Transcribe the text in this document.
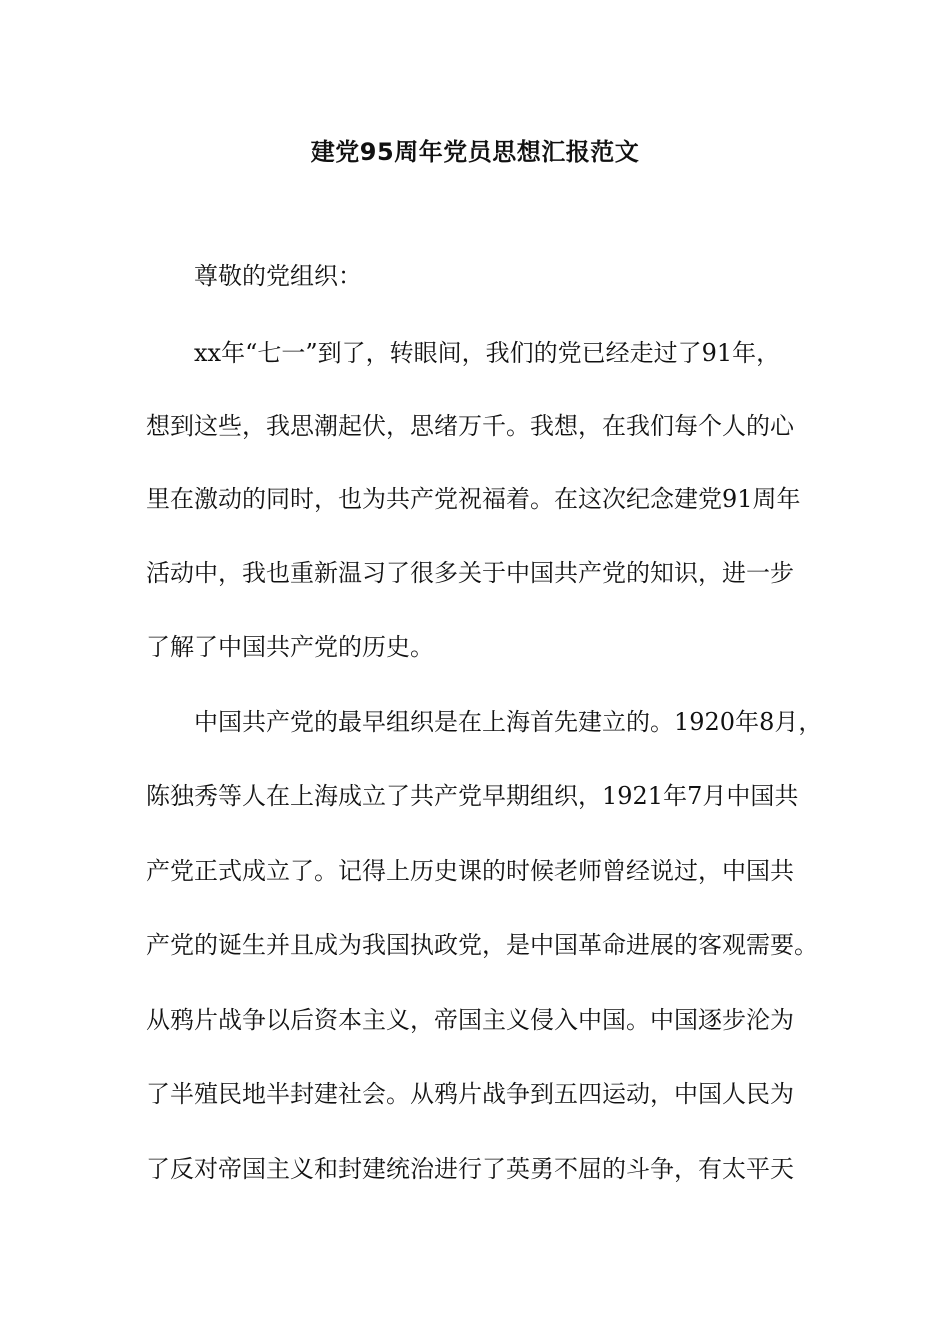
建党95周年党员思想汇报范文
尊敬的党组织：
xx年“七一”到了，转眼间，我们的党已经走过了91年，
想到这些，我思潮起伏，思绪万千。我想，在我们每个人的心
里在激动的同时，也为共产党祝福着。在这次纪念建党91周年
活动中，我也重新温习了很多关于中国共产党的知识，进一步
了解了中国共产党的历史。
中国共产党的最早组织是在上海首先建立的。1920年8月，
陈独秀等人在上海成立了共产党早期组织，1921年7月中国共
产党正式成立了。记得上历史课的时候老师曾经说过，中国共
产党的诞生并且成为我国执政党，是中国革命进展的客观需要。
从鸦片战争以后资本主义，帝国主义侵入中国。中国逐步沦为
了半殖民地半封建社会。从鸦片战争到五四运动，中国人民为
了反对帝国主义和封建统治进行了英勇不屈的斗争，有太平天
